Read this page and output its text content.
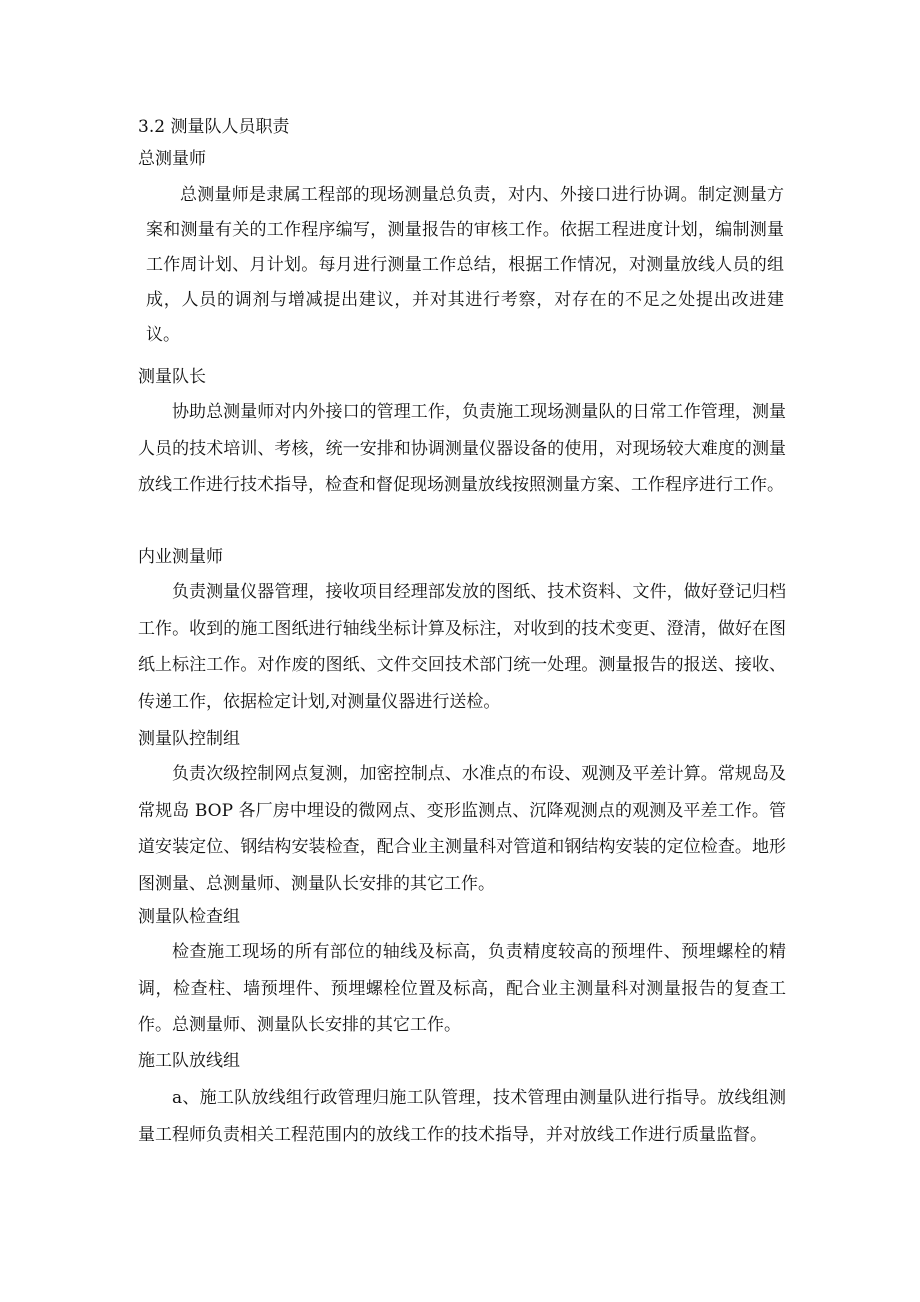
3.2 测量队人员职责
总测量师

总测量师是隶属工程部的现场测量总负责，对内、外接口进行协调。制定测量方案和测量有关的工作程序编写，测量报告的审核工作。依据工程进度计划，编制测量工作周计划、月计划。每月进行测量工作总结，根据工作情况，对测量放线人员的组成，人员的调剂与增减提出建议，并对其进行考察，对存在的不足之处提出改进建议。

测量队长

协助总测量师对内外接口的管理工作，负责施工现场测量队的日常工作管理，测量人员的技术培训、考核，统一安排和协调测量仪器设备的使用，对现场较大难度的测量放线工作进行技术指导，检查和督促现场测量放线按照测量方案、工作程序进行工作。

内业测量师

负责测量仪器管理，接收项目经理部发放的图纸、技术资料、文件，做好登记归档工作。收到的施工图纸进行轴线坐标计算及标注，对收到的技术变更、澄清，做好在图纸上标注工作。对作废的图纸、文件交回技术部门统一处理。测量报告的报送、接收、传递工作，依据检定计划,对测量仪器进行送检。

测量队控制组

负责次级控制网点复测，加密控制点、水准点的布设、观测及平差计算。常规岛及常规岛 BOP 各厂房中埋设的微网点、变形监测点、沉降观测点的观测及平差工作。管道安装定位、钢结构安装检查，配合业主测量科对管道和钢结构安装的定位检查。地形图测量、总测量师、测量队长安排的其它工作。

测量队检查组

检查施工现场的所有部位的轴线及标高，负责精度较高的预埋件、预埋螺栓的精调，检查柱、墙预埋件、预埋螺栓位置及标高，配合业主测量科对测量报告的复查工作。总测量师、测量队长安排的其它工作。

施工队放线组

a、施工队放线组行政管理归施工队管理，技术管理由测量队进行指导。放线组测量工程师负责相关工程范围内的放线工作的技术指导，并对放线工作进行质量监督。
